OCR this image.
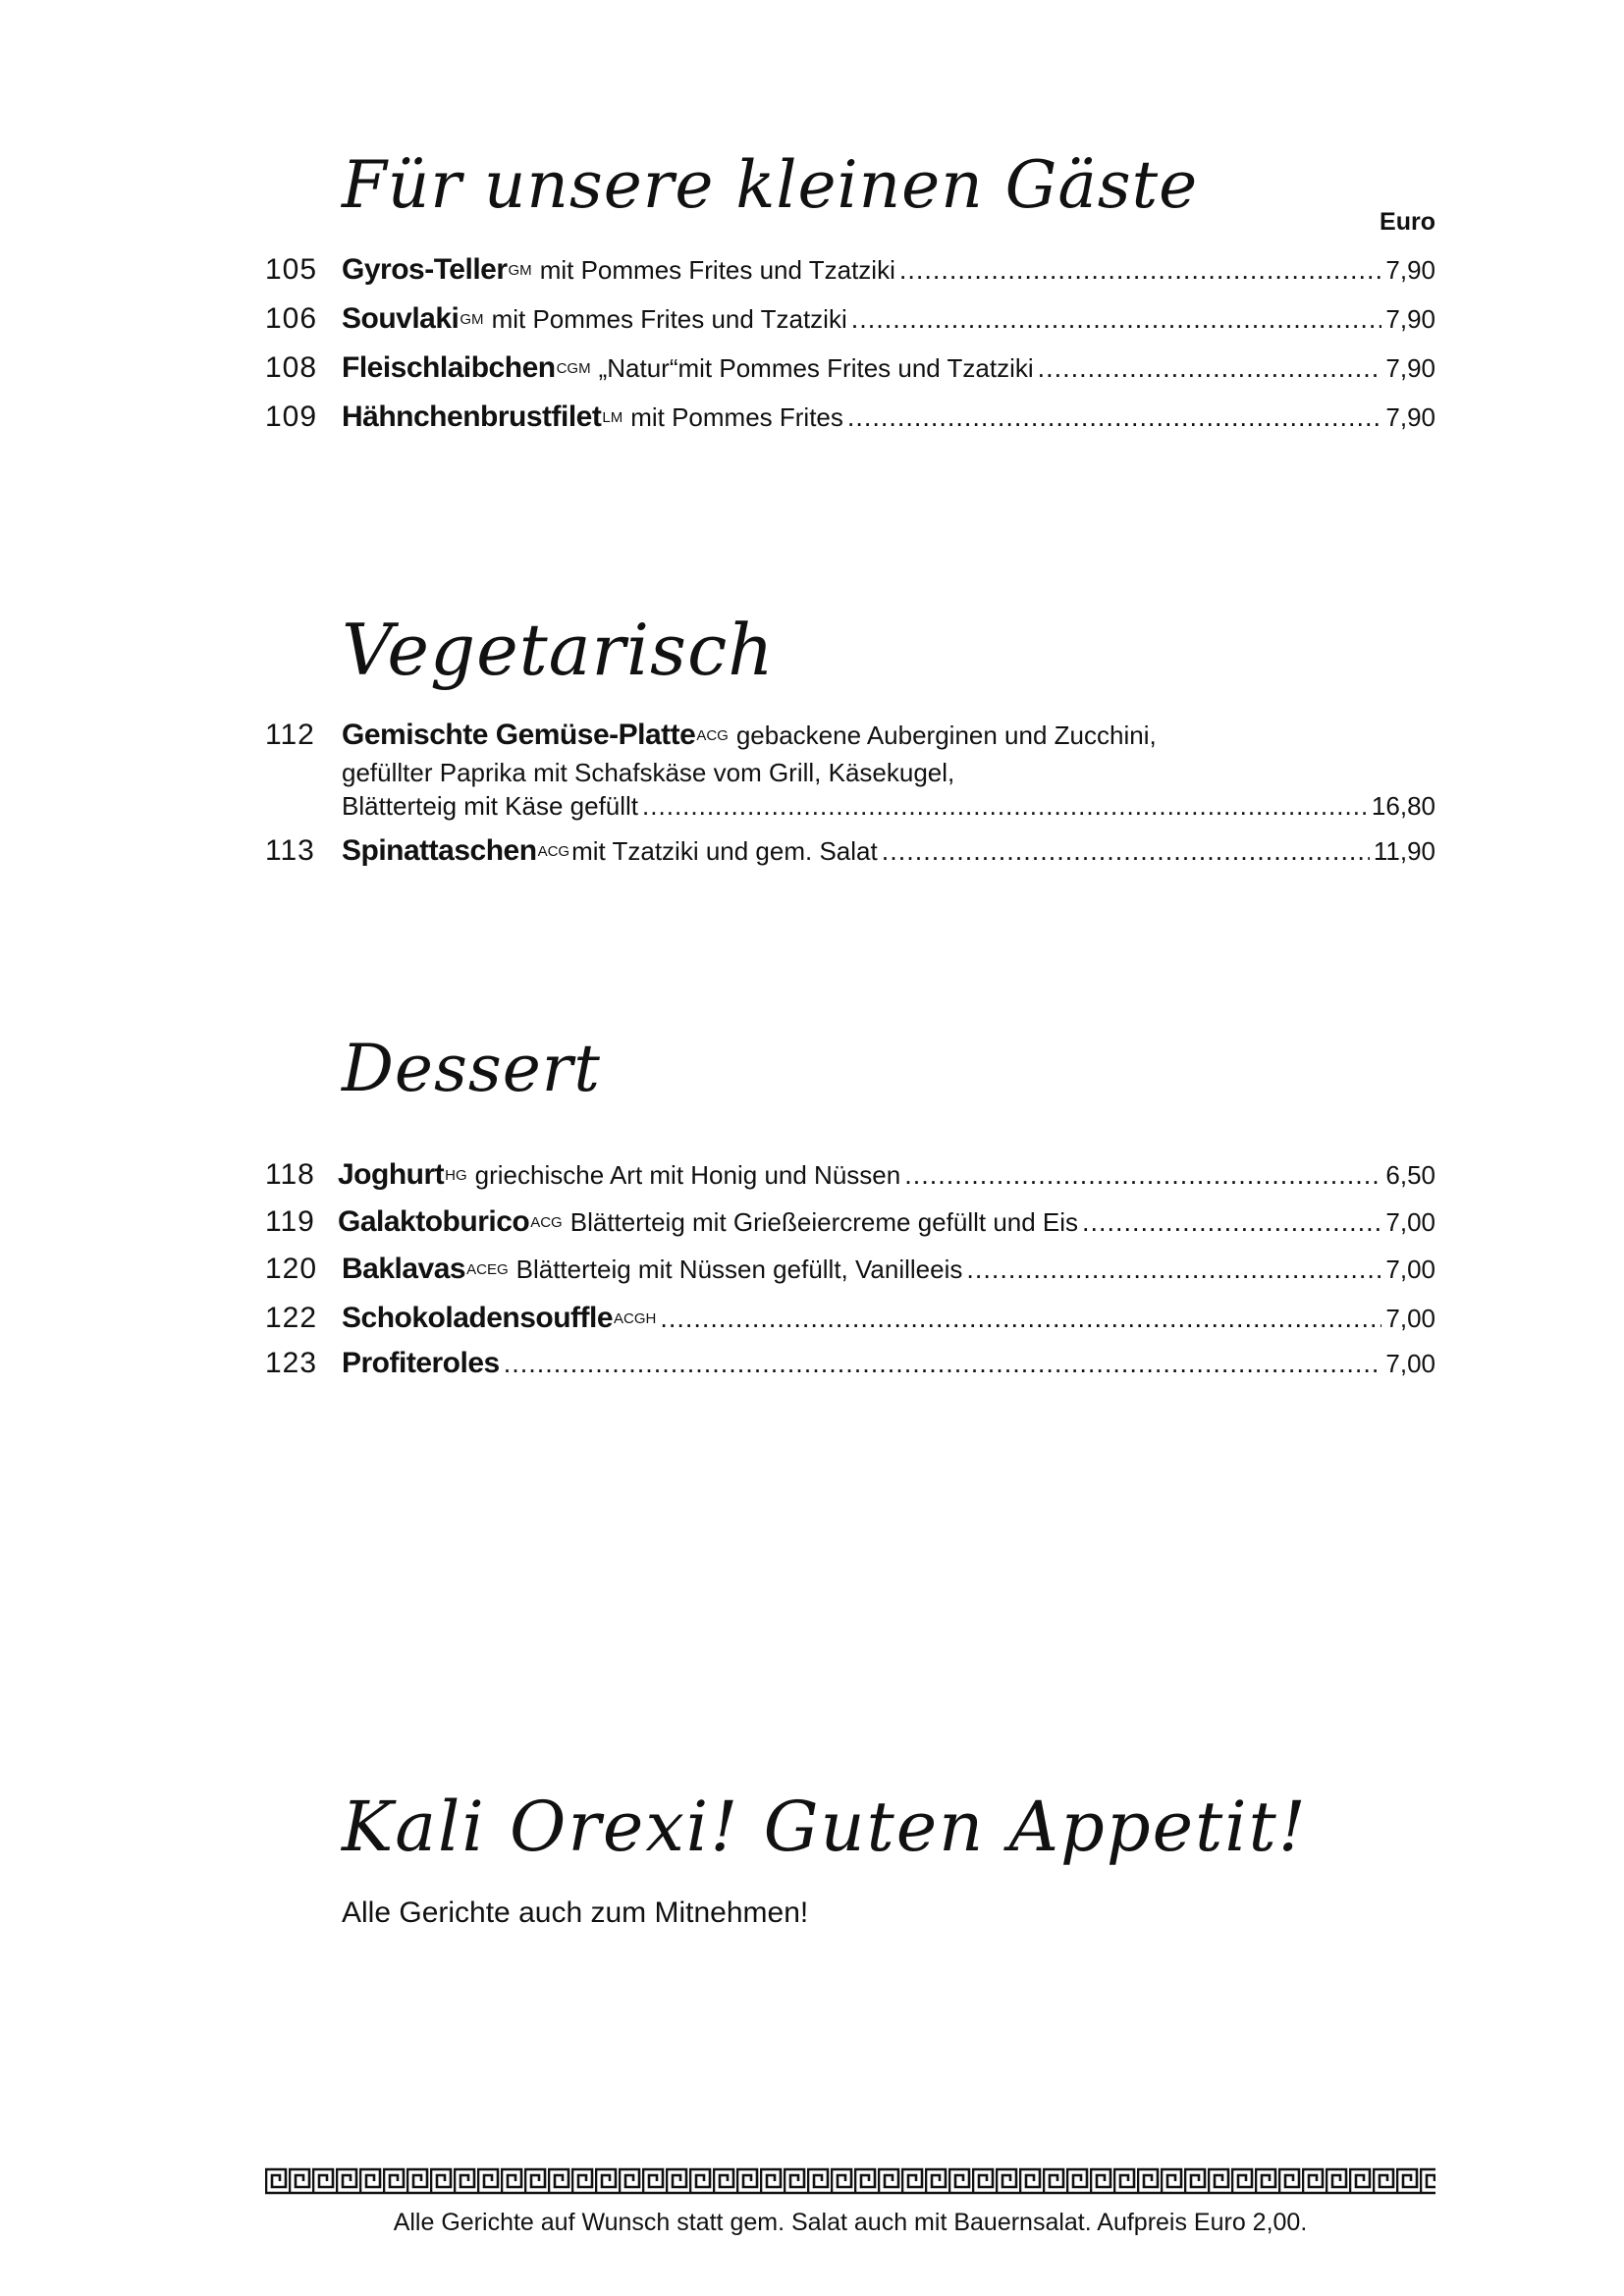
Für unsere kleinen Gäste	Euro
105 Gyros-Teller GM mit Pommes Frites und Tzatziki .....	7,90
106 Souvlaki GM mit Pommes Frites und Tzatziki .....	7,90
108 Fleischlaibchen CGM „Natur“mit Pommes Frites und Tzatziki .....	7,90
109 Hähnchenbrustfilet LM mit Pommes Frites .....	7,90
Vegetarisch
112 Gemischte Gemüse-Platte ACG gebackene Auberginen und Zucchini,
gefüllter Paprika mit Schafskäse vom Grill, Käsekugel,
Blätterteig mit Käse gefüllt .....	16,80
113 Spinattaschen ACG mit Tzatziki und gem. Salat .....	11,90
Dessert
118 Joghurt HG griechische Art mit Honig und Nüssen .....	6,50
119 Galaktoburico ACG Blätterteig mit Grießeiercreme gefüllt und Eis .....	7,00
120 Baklavas ACEG Blätterteig mit Nüssen gefüllt, Vanilleeis .....	7,00
122 Schokoladensouffle ACGH .....	7,00
123 Profiteroles .....	7,00
Kali Orexi! Guten Appetit!
Alle Gerichte auch zum Mitnehmen!
Alle Gerichte auf Wunsch statt gem. Salat auch mit Bauernsalat. Aufpreis Euro 2,00.
